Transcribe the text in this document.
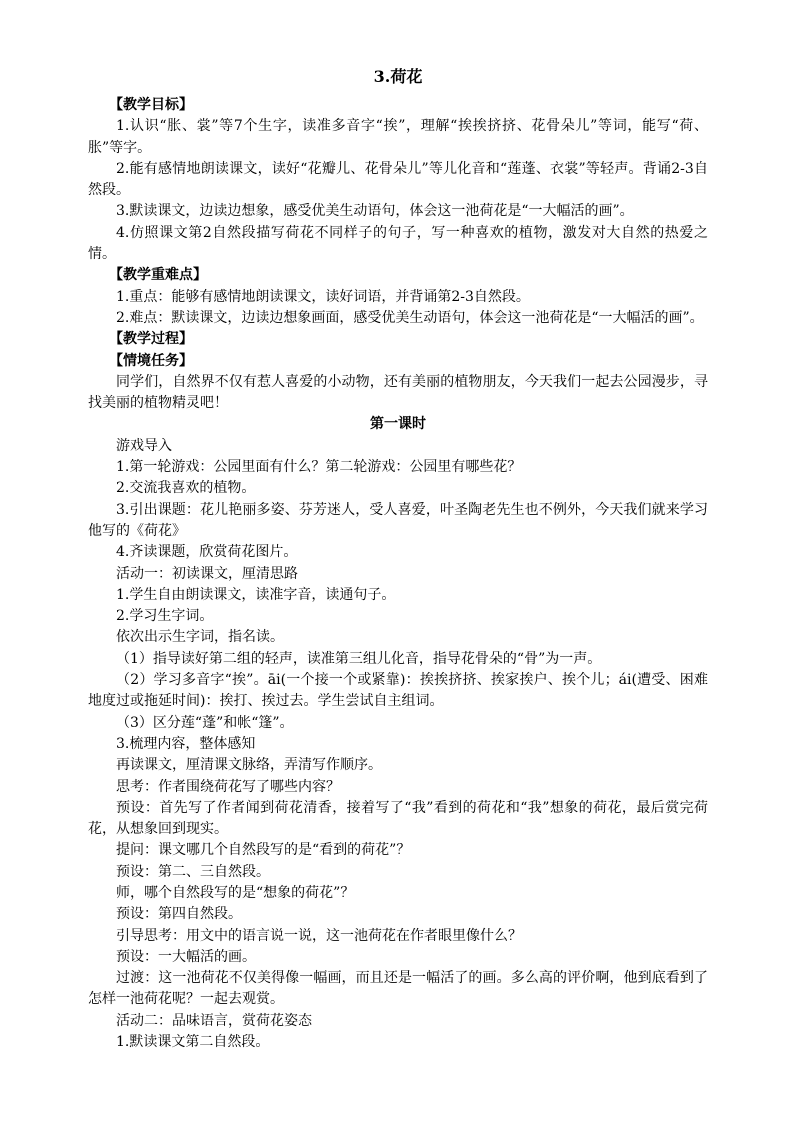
3.荷花

【教学目标】

1.认识“胀、裳”等7个生字，读准多音字“挨”，理解“挨挨挤挤、花骨朵儿”等词，能写“荷、胀”等字。

2.能有感情地朗读课文，读好“花瓣儿、花骨朵儿”等儿化音和“莲蓬、衣裳”等轻声。背诵2-3自然段。

3.默读课文，边读边想象，感受优美生动语句，体会这一池荷花是“一大幅活的画”。

4.仿照课文第2自然段描写荷花不同样子的句子，写一种喜欢的植物，激发对大自然的热爱之情。

【教学重难点】

1.重点：能够有感情地朗读课文，读好词语，并背诵第2-3自然段。

2.难点：默读课文，边读边想象画面，感受优美生动语句，体会这一池荷花是“一大幅活的画”。

【教学过程】

【情境任务】

同学们，自然界不仅有惹人喜爱的小动物，还有美丽的植物朋友，今天我们一起去公园漫步，寻找美丽的植物精灵吧！

第一课时

游戏导入

1.第一轮游戏：公园里面有什么？第二轮游戏：公园里有哪些花？

2.交流我喜欢的植物。

3.引出课题：花儿艳丽多姿、芬芳迷人，受人喜爱，叶圣陶老先生也不例外，今天我们就来学习他写的《荷花》

4.齐读课题，欣赏荷花图片。

活动一：初读课文，厘清思路

1.学生自由朗读课文，读准字音，读通句子。

2.学习生字词。

依次出示生字词，指名读。

（1）指导读好第二组的轻声，读准第三组儿化音，指导花骨朵的“骨”为一声。

（2）学习多音字“挨”。āi(一个接一个或紧靠)：挨挨挤挤、挨家挨户、挨个儿；ái(遭受、困难地度过或拖延时间)：挨打、挨过去。学生尝试自主组词。

（3）区分莲“蓬”和帐“篷”。

3.梳理内容，整体感知

再读课文，厘清课文脉络，弄清写作顺序。

思考：作者围绕荷花写了哪些内容？

预设：首先写了作者闻到荷花清香，接着写了“我”看到的荷花和“我”想象的荷花，最后赏完荷花，从想象回到现实。

提问：课文哪几个自然段写的是“看到的荷花”？

预设：第二、三自然段。

师，哪个自然段写的是“想象的荷花”？

预设：第四自然段。

引导思考：用文中的语言说一说，这一池荷花在作者眼里像什么？

预设：一大幅活的画。

过渡：这一池荷花不仅美得像一幅画，而且还是一幅活了的画。多么高的评价啊，他到底看到了怎样一池荷花呢？一起去观赏。

活动二：品味语言，赏荷花姿态

1.默读课文第二自然段。
